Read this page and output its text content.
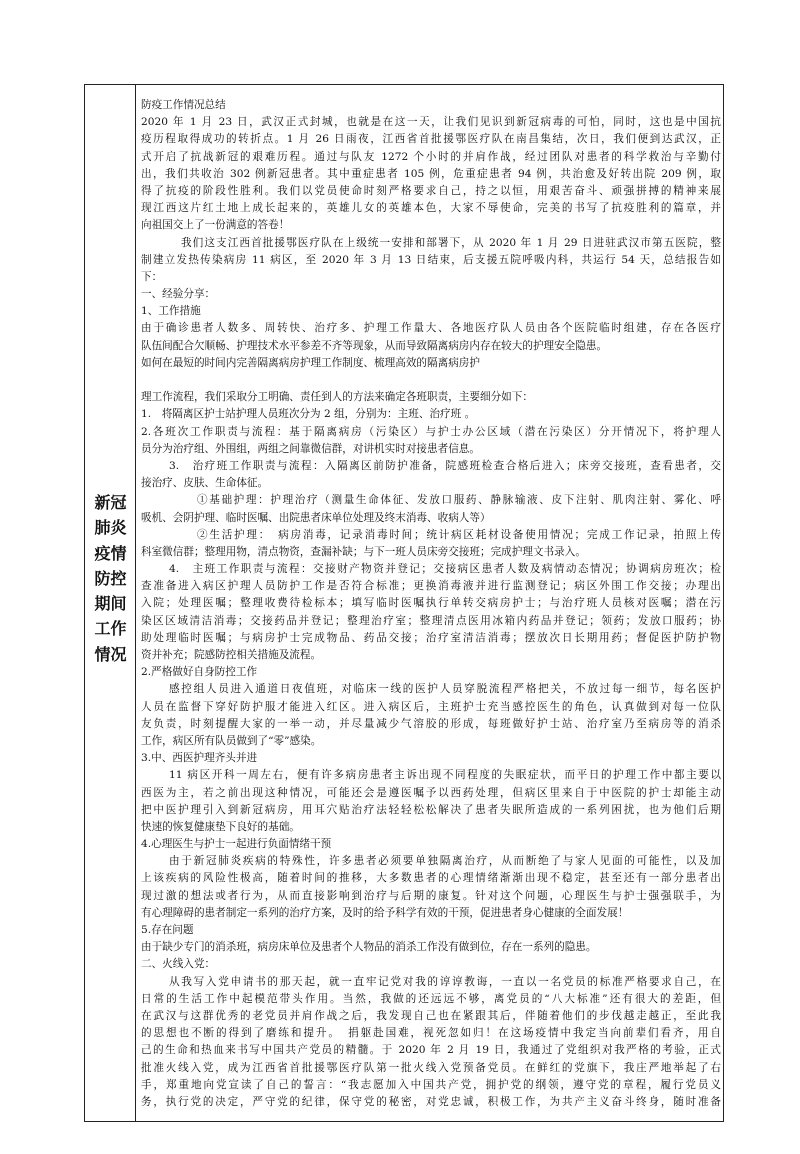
新冠
肺炎
疫情
防控
期间
工作
情况
防疫工作情况总结
2020 年 1 月 23 日，武汉正式封城，也就是在这一天，让我们见识到新冠病毒的可怕，同时，这也是中国抗
疫历程取得成功的转折点。1 月 26 日雨夜，江西省首批援鄂医疗队在南昌集结，次日，我们便到达武汉，正
式开启了抗战新冠的艰难历程。通过与队友 1272 个小时的并肩作战，经过团队对患者的科学救治与辛勤付
出，我们共收治 302 例新冠患者。其中重症患者 105 例，危重症患者 94 例，共治愈及好转出院 209 例，取
得了抗疫的阶段性胜利。我们以党员使命时刻严格要求自己，持之以恒，用艰苦奋斗、顽强拼搏的精神来展
现江西这片红土地上成长起来的，英雄儿女的英雄本色，大家不辱使命，完美的书写了抗疫胜利的篇章，并
向祖国交上了一份满意的答卷！
我们这支江西首批援鄂医疗队在上级统一安排和部署下，从 2020 年 1 月 29 日进驻武汉市第五医院，整
制建立发热传染病房 11 病区，至 2020 年 3 月 13 日结束，后支援五院呼吸内科，共运行 54 天，总结报告如
下：
一、经验分享：
1、工作措施
由于确诊患者人数多、周转快、治疗多、护理工作量大、各地医疗队人员由各个医院临时组建，存在各医疗
队伍间配合欠顺畅、护理技术水平参差不齐等现象，从而导致隔离病房内存在较大的护理安全隐患。
如何在最短的时间内完善隔离病房护理工作制度、梳理高效的隔离病房护
理工作流程，我们采取分工明确、责任到人的方法来确定各班职责，主要细分如下：
1.　将隔离区护士站护理人员班次分为 2 组，分别为：主班、治疗班 。
2.各班次工作职责与流程：基于隔离病房（污染区）与护士办公区域（潜在污染区）分开情况下，将护理人
员分为治疗组、外围组，两组之间靠微信群，对讲机实时对接患者信息。
3.　治疗班工作职责与流程：入隔离区前防护准备，院感班检查合格后进入；床旁交接班，查看患者，交
接治疗、皮肤、生命体征。
①基础护理：护理治疗（测量生命体征、发放口服药、静脉输液、皮下注射、肌肉注射、雾化、呼
吸机、会阴护理、临时医嘱、出院患者床单位处理及终末消毒、收病人等）
②生活护理：　病房消毒，记录消毒时间；统计病区耗材设备使用情况；完成工作记录，拍照上传
科室微信群；整理用物，清点物资，查漏补缺；与下一班人员床旁交接班；完成护理文书录入。
4.　主班工作职责与流程：交接财产物资并登记；交接病区患者人数及病情动态情况；协调病房班次；检
查准备进入病区护理人员防护工作是否符合标准；更换消毒液并进行监测登记；病区外围工作交接；办理出
入院；处理医嘱；整理收费待检标本；填写临时医嘱执行单转交病房护士；与治疗班人员核对医嘱；潜在污
染区区域清洁消毒；交接药品并登记；整理治疗室；整理清点医用冰箱内药品并登记；领药；发放口服药；协
助处理临时医嘱；与病房护士完成物品、药品交接；治疗室清洁消毒；摆放次日长期用药；督促医护防护物
资并补充；院感防控相关措施及流程。
2.严格做好自身防控工作
感控组人员进入通道日夜值班，对临床一线的医护人员穿脱流程严格把关，不放过每一细节，每名医护
人员在监督下穿好防护服才能进入红区。进入病区后，主班护士充当感控医生的角色，认真做到对每一位队
友负责，时刻提醒大家的一举一动，并尽量减少气溶胶的形成，每班做好护士站、治疗室乃至病房等的消杀
工作，病区所有队员做到了“零”感染。
3.中、西医护理齐头并进
11 病区开科一周左右，便有许多病房患者主诉出现不同程度的失眠症状，而平日的护理工作中都主要以
西医为主，若之前出现这种情况，可能还会是遵医嘱予以西药处理，但病区里来自于中医院的护士却能主动
把中医护理引入到新冠病房，用耳穴贴治疗法轻轻松松解决了患者失眠所造成的一系列困扰，也为他们后期
快速的恢复健康垫下良好的基础。
4.心理医生与护士一起进行负面情绪干预
由于新冠肺炎疾病的特殊性，许多患者必须要单独隔离治疗，从而断绝了与家人见面的可能性，以及加
上该疾病的风险性极高，随着时间的推移，大多数患者的心理情绪渐渐出现不稳定，甚至还有一部分患者出
现过激的想法或者行为，从而直接影响到治疗与后期的康复。针对这个问题，心理医生与护士强强联手，为
有心理障碍的患者制定一系列的治疗方案，及时的给予科学有效的干预，促进患者身心健康的全面发展！
5.存在问题
由于缺少专门的消杀班，病房床单位及患者个人物品的消杀工作没有做到位，存在一系列的隐患。
二、火线入党：
从我写入党申请书的那天起，就一直牢记党对我的谆谆教诲，一直以一名党员的标准严格要求自己，在
日常的生活工作中起模范带头作用。当然，我做的还远远不够，离党员的“八大标准”还有很大的差距，但
在武汉与这群优秀的老党员并肩作战之后，我发现自己也在紧跟其后，伴随着他们的步伐越走越正，至此我
的思想也不断的得到了磨练和提升。　捐躯赴国难，视死忽如归！在这场疫情中我定当向前辈们看齐，用自
己的生命和热血来书写中国共产党员的精髓。于 2020 年 2 月 19 日，我通过了党组织对我严格的考验，正式
批准火线入党，成为江西省首批援鄂医疗队第一批火线入党预备党员。在鲜红的党旗下，我庄严地举起了右
手，郑重地向党宣读了自己的誓言：“我志愿加入中国共产党，拥护党的纲领，遵守党的章程，履行党员义
务，执行党的决定，严守党的纪律，保守党的秘密，对党忠诚，积极工作，为共产主义奋斗终身，随时准备
